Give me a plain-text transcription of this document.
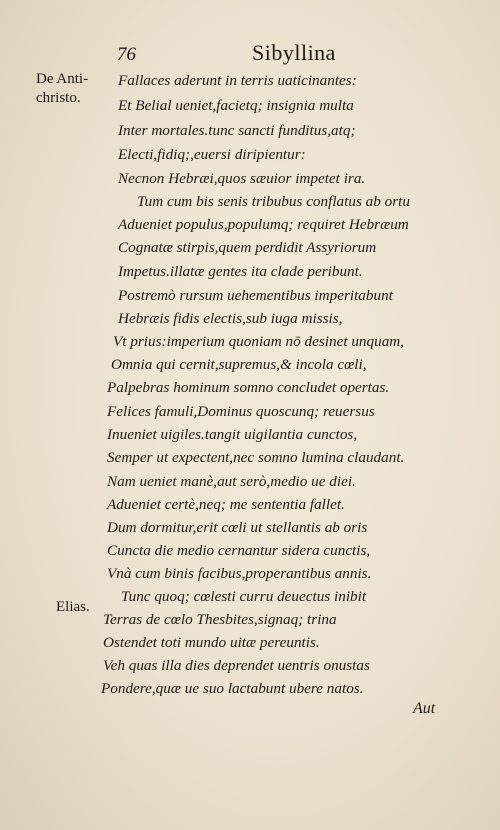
76	Sibyllina
De Anti-
christo.
Elias.
Fallaces aderunt in terris uaticinantes:
Et Belial ueniet,facietq; insignia multa
Inter mortales.tunc sancti funditus,atq;
Electi,fidiq;,euersi diripientur:
Necnon Hebræi,quos sæuior impetet ira.
Tum cum bis senis tribubus conflatus ab ortu
Adueniet populus,populumq; requiret Hebræum
Cognatæ stirpis,quem perdidit Assyriorum
Impetus.illatæ gentes ita clade peribunt.
Postremò rursum uehementibus imperitabunt
Hebræis fidis electis,sub iuga missis,
Vt prius:imperium quoniam nō desinet unquam,
Omnia qui cernit,supremus,& incola cœli,
Palpebras hominum somno concludet opertas.
Felices famuli,Dominus quoscunq; reuersus
Inueniet uigiles.tangit uigilantia cunctos,
Semper ut expectent,nec somno lumina claudant.
Nam ueniet manè,aut serò,medio ue diei.
Adueniet certè,neq; me sententia fallet.
Dum dormitur,erit cœli ut stellantis ab oris
Cuncta die medio cernantur sidera cunctis,
Vnà cum binis facibus,properantibus annis.
Tunc quoq; cœlesti curru deuectus inibit
Terras de cœlo Thesbites,signaq; trina
Ostendet toti mundo uitæ pereuntis.
Veh quas illa dies deprendet uentris onustas
Pondere,quæ ue suo lactabunt ubere natos.
Aut
